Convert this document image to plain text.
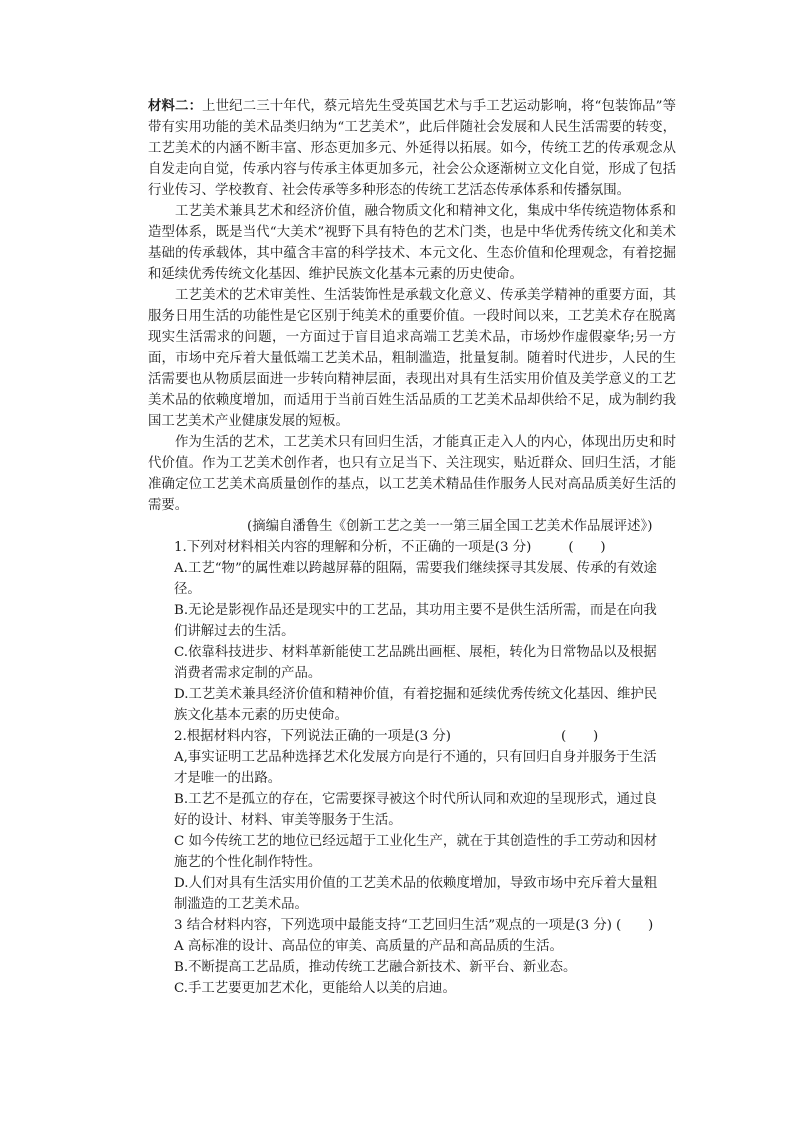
材料二：上世纪二三十年代，蔡元培先生受英国艺术与手工艺运动影响，将“包装饰品”等带有实用功能的美术品类归纳为“工艺美术”，此后伴随社会发展和人民生活需要的转变，工艺美术的内涵不断丰富、形态更加多元、外延得以拓展。如今，传统工艺的传承观念从自发走向自觉，传承内容与传承主体更加多元，社会公众逐渐树立文化自觉，形成了包括行业传习、学校教育、社会传承等多种形态的传统工艺活态传承体系和传播氛围。

工艺美术兼具艺术和经济价值，融合物质文化和精神文化，集成中华传统造物体系和造型体系，既是当代“大美术”视野下具有特色的艺术门类，也是中华优秀传统文化和美术基础的传承载体，其中蕴含丰富的科学技术、本元文化、生态价值和伦理观念，有着挖掘和延续优秀传统文化基因、维护民族文化基本元素的历史使命。

工艺美术的艺术审美性、生活装饰性是承载文化意义、传承美学精神的重要方面，其服务日用生活的功能性是它区别于纯美术的重要价值。一段时间以来，工艺美术存在脱离现实生活需求的问题，一方面过于盲目追求高端工艺美术品，市场炒作虚假豪华;另一方面，市场中充斥着大量低端工艺美术品，粗制滥造，批量复制。随着时代进步，人民的生活需要也从物质层面进一步转向精神层面，表现出对具有生活实用价值及美学意义的工艺美术品的依赖度增加，而适用于当前百姓生活品质的工艺美术品却供给不足，成为制约我国工艺美术产业健康发展的短板。

作为生活的艺术，工艺美术只有回归生活，才能真正走入人的内心，体现出历史和时代价值。作为工艺美术创作者，也只有立足当下、关注现实，贴近群众、回归生活，才能准确定位工艺美术高质量创作的基点，以工艺美术精品佳作服务人民对高品质美好生活的需要。

(摘编自潘鲁生《创新工艺之美一一第三届全国工艺美术作品展评述》)

1.下列对材料相关内容的理解和分析，不正确的一项是(3 分)	(　　)

A.工艺“物”的属性难以跨越屏幕的阻隔，需要我们继续探寻其发展、传承的有效途径。

B.无论是影视作品还是现实中的工艺品，其功用主要不是供生活所需，而是在向我们讲解过去的生活。

C.依靠科技进步、材料革新能使工艺品跳出画框、展柜，转化为日常物品以及根据消费者需求定制的产品。

D.工艺美术兼具经济价值和精神价值，有着挖掘和延续优秀传统文化基因、维护民族文化基本元素的历史使命。

2.根据材料内容，下列说法正确的一项是(3 分)	(　　)

A,事实证明工艺品种选择艺术化发展方向是行不通的，只有回归自身并服务于生活才是唯一的出路。

B.工艺不是孤立的存在，它需要探寻被这个时代所认同和欢迎的呈现形式，通过良好的设计、材料、审美等服务于生活。

C 如今传统工艺的地位已经远超于工业化生产，就在于其创造性的手工劳动和因材施艺的个性化制作特性。

D.人们对具有生活实用价值的工艺美术品的依赖度增加，导致市场中充斥着大量粗制滥造的工艺美术品。

3 结合材料内容，下列选项中最能支持“工艺回归生活”观点的一项是(3 分) (　　)

A 高标准的设计、高品位的审美、高质量的产品和高品质的生活。

B.不断提高工艺品质，推动传统工艺融合新技术、新平台、新业态。

C.手工艺要更加艺术化，更能给人以美的启迪。
